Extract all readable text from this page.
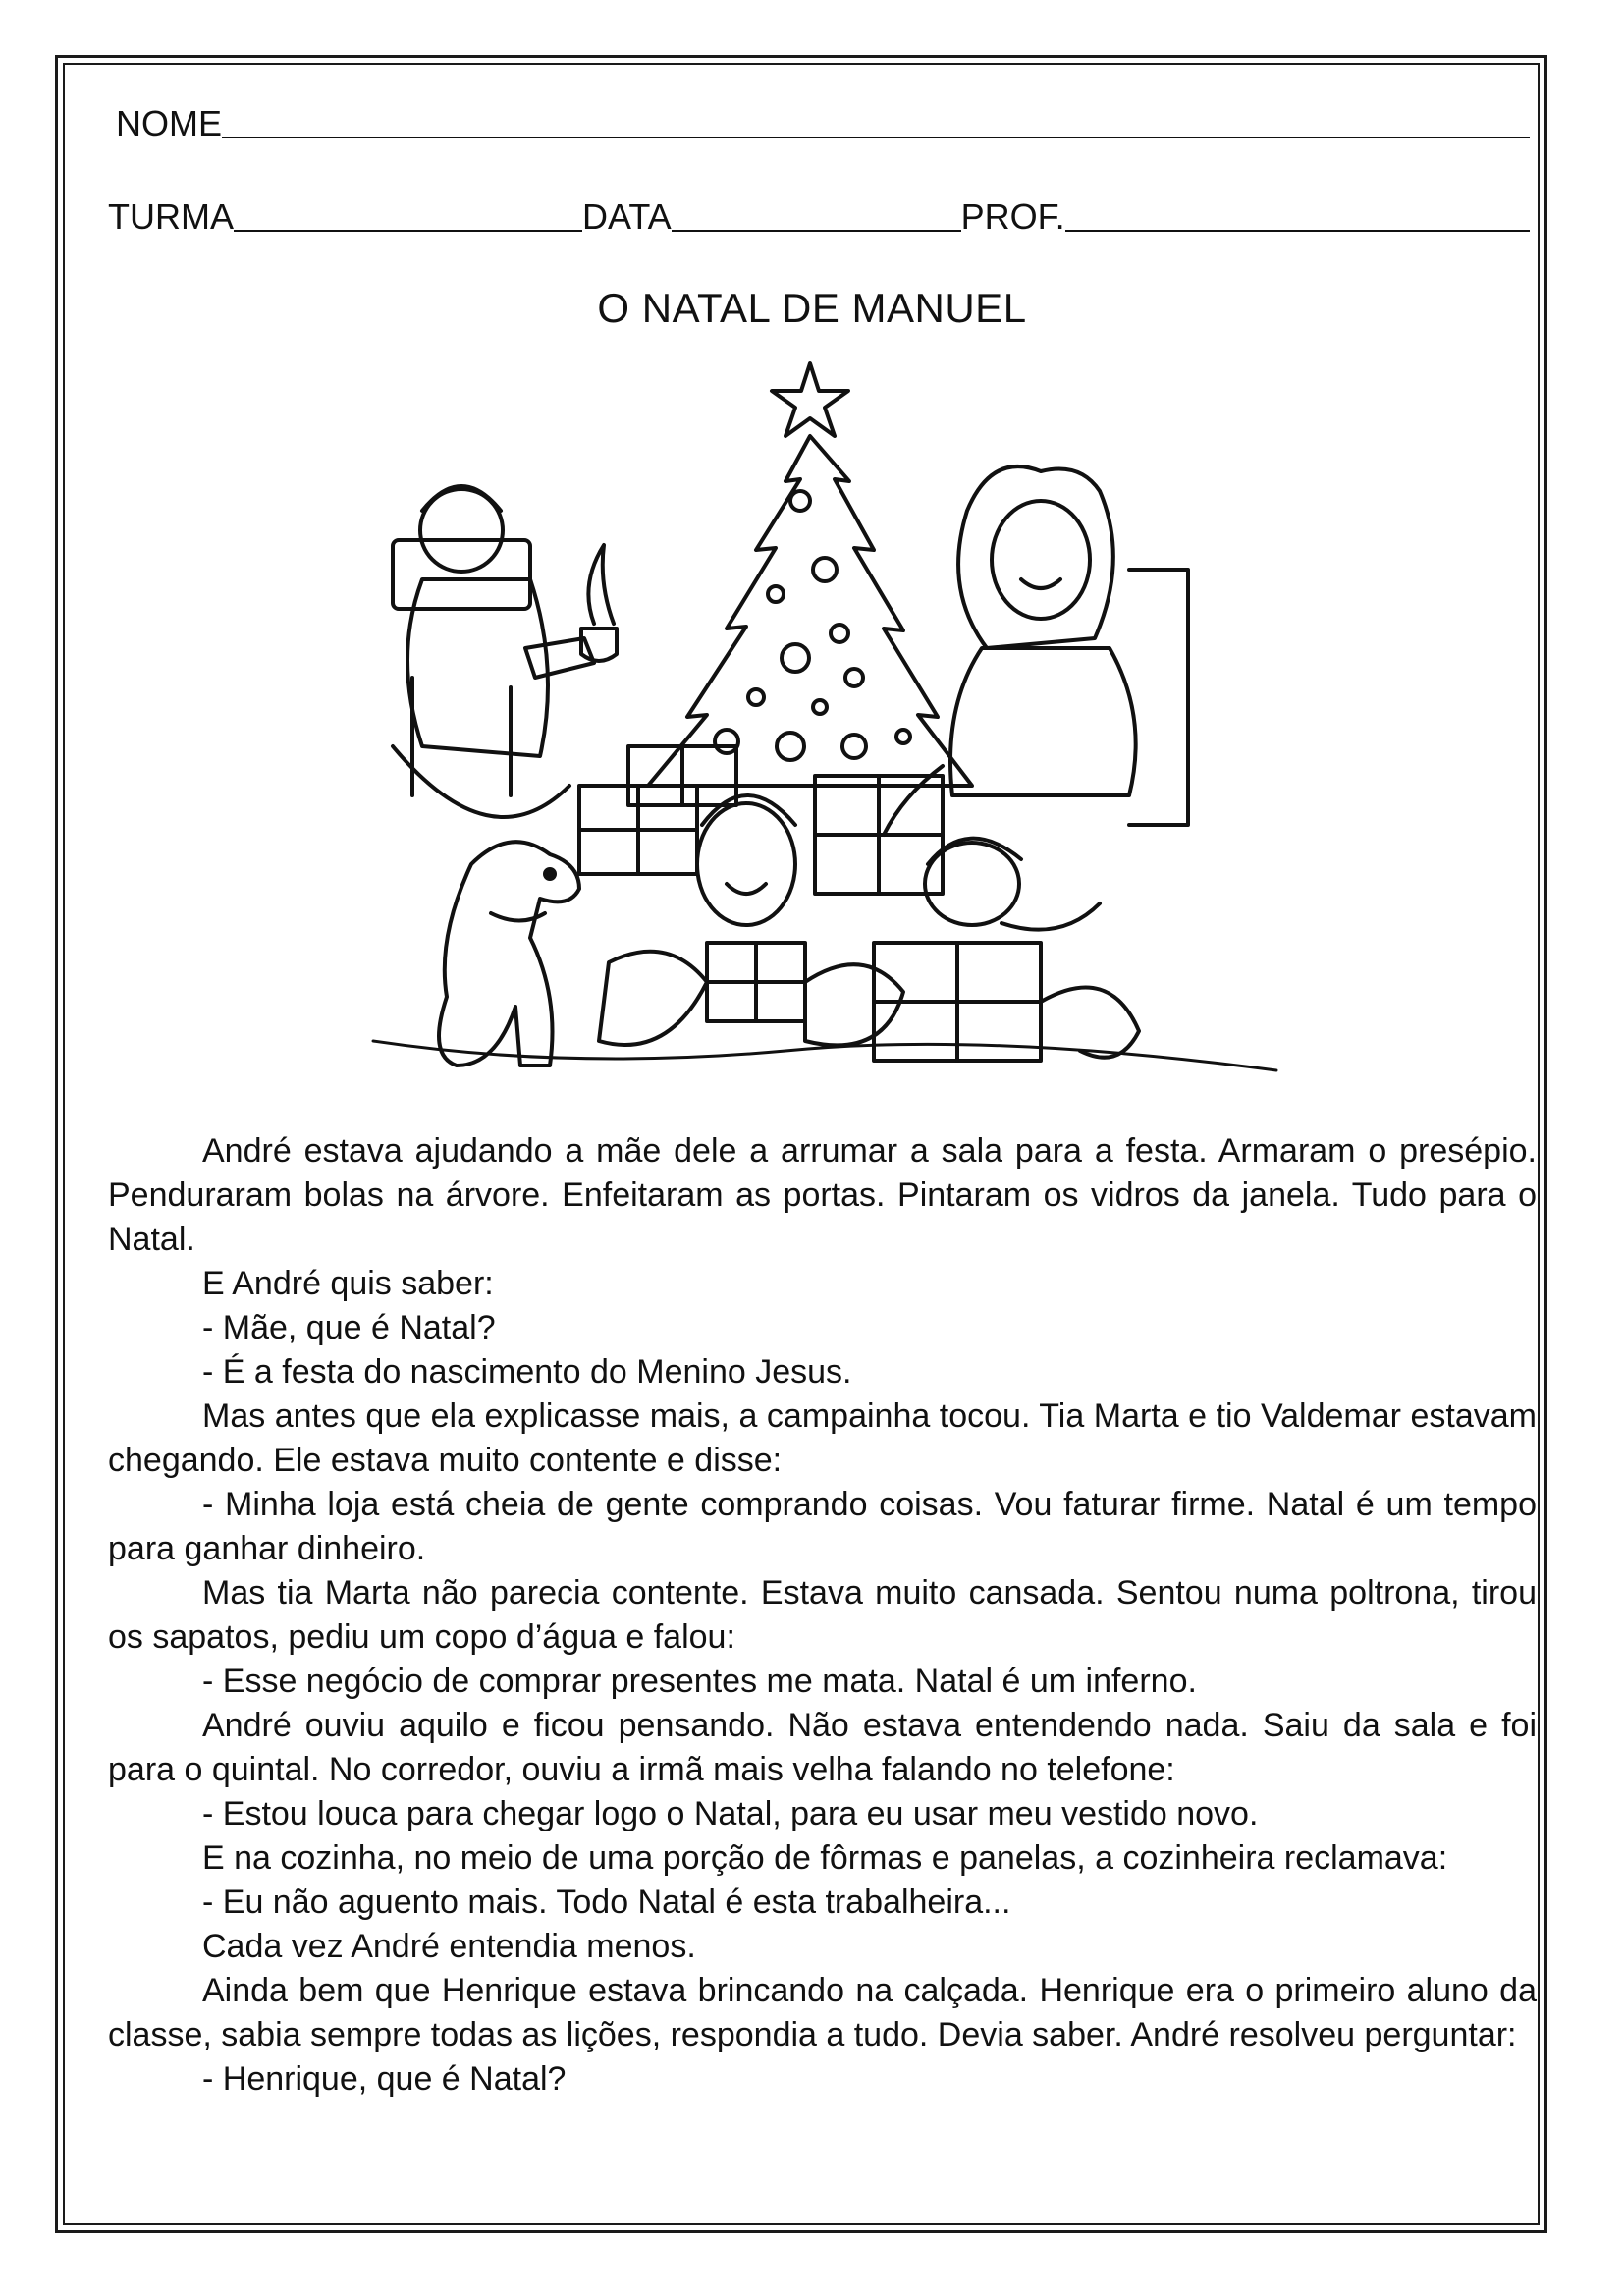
NOME
TURMA	DATA	PROF.
O NATAL DE MANUEL

André estava ajudando a mãe dele a arrumar a sala para a festa. Armaram o presépio. Penduraram bolas na árvore. Enfeitaram as portas. Pintaram os vidros da janela. Tudo para o Natal.

E André quis saber:

- Mãe, que é Natal?

- É a festa do nascimento do Menino Jesus.

Mas antes que ela explicasse mais, a campainha tocou. Tia Marta e tio Valdemar estavam chegando. Ele estava muito contente e disse:

- Minha loja está cheia de gente comprando coisas. Vou faturar firme. Natal é um tempo para ganhar dinheiro.

Mas tia Marta não parecia contente. Estava muito cansada. Sentou numa poltrona, tirou os sapatos, pediu um copo d’água e falou:

- Esse negócio de comprar presentes me mata. Natal é um inferno.

André ouviu aquilo e ficou pensando. Não estava entendendo nada. Saiu da sala e foi para o quintal. No corredor, ouviu a irmã mais velha falando no telefone:

- Estou louca para chegar logo o Natal, para eu usar meu vestido novo.

E na cozinha, no meio de uma porção de fôrmas e panelas, a cozinheira reclamava:

- Eu não aguento mais. Todo Natal é esta trabalheira...

Cada vez André entendia menos.

Ainda bem que Henrique estava brincando na calçada. Henrique era o primeiro aluno da classe, sabia sempre todas as lições, respondia a tudo. Devia saber. André resolveu perguntar:

- Henrique, que é Natal?
